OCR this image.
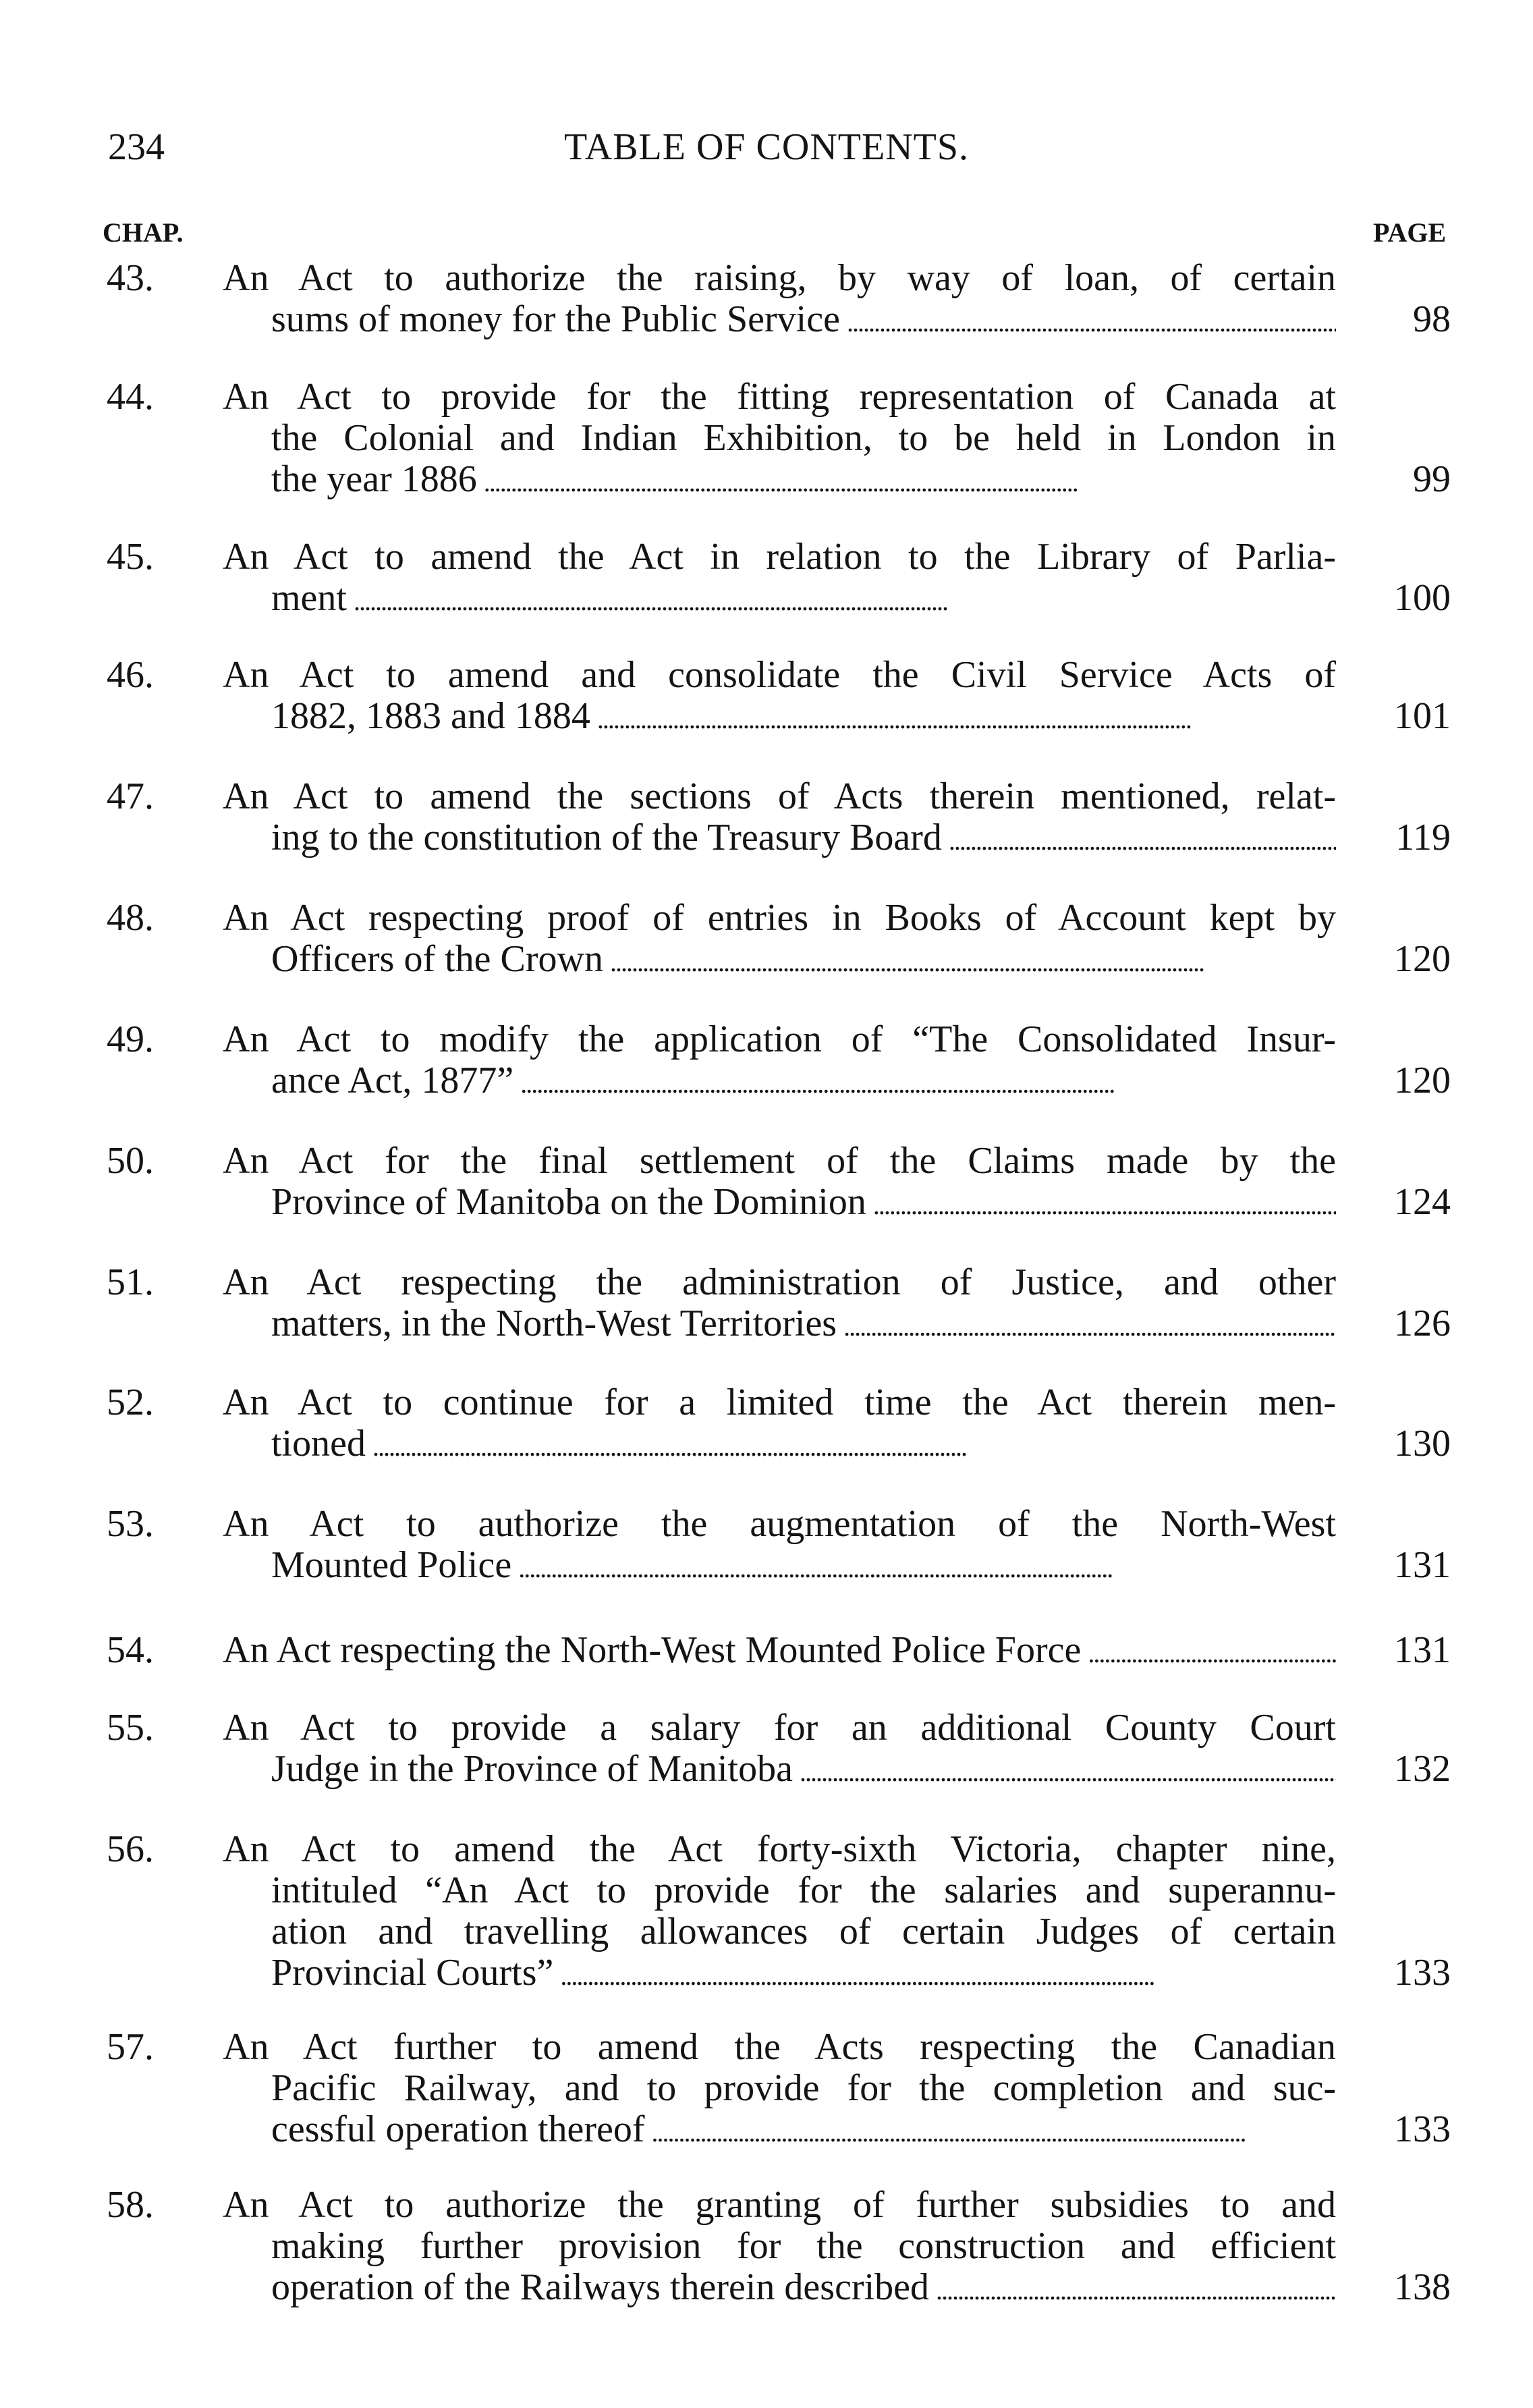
234	TABLE OF CONTENTS.
CHAP.	PAGE
43.	An Act to authorize the raising, by way of loan, of certain
sums of money for the Public Service . . .	98
44.	An Act to provide for the fitting representation of Canada at
the Colonial and Indian Exhibition, to be held in London in
the year 1886 . . .	99
45.	An Act to amend the Act in relation to the Library of Parlia-
ment . . .	100
46.	An Act to amend and consolidate the Civil Service Acts of
1882, 1883 and 1884 . . .	101
47.	An Act to amend the sections of Acts therein mentioned, relat-
ing to the constitution of the Treasury Board . . .	119
48.	An Act respecting proof of entries in Books of Account kept by
Officers of the Crown . . .	120
49.	An Act to modify the application of “The Consolidated Insur-
ance Act, 1877” . . .	120
50.	An Act for the final settlement of the Claims made by the
Province of Manitoba on the Dominion . . .	124
51.	An Act respecting the administration of Justice, and other
matters, in the North-West Territories . . .	126
52.	An Act to continue for a limited time the Act therein men-
tioned . . .	130
53.	An Act to authorize the augmentation of the North-West
Mounted Police . . .	131
54.	An Act respecting the North-West Mounted Police Force . . .	131
55.	An Act to provide a salary for an additional County Court
Judge in the Province of Manitoba . . .	132
56.	An Act to amend the Act forty-sixth Victoria, chapter nine,
intituled “An Act to provide for the salaries and superannu-
ation and travelling allowances of certain Judges of certain
Provincial Courts” . . .	133
57.	An Act further to amend the Acts respecting the Canadian
Pacific Railway, and to provide for the completion and suc-
cessful operation thereof . . .	133
58.	An Act to authorize the granting of further subsidies to and
making further provision for the construction and efficient
operation of the Railways therein described . . .	138
